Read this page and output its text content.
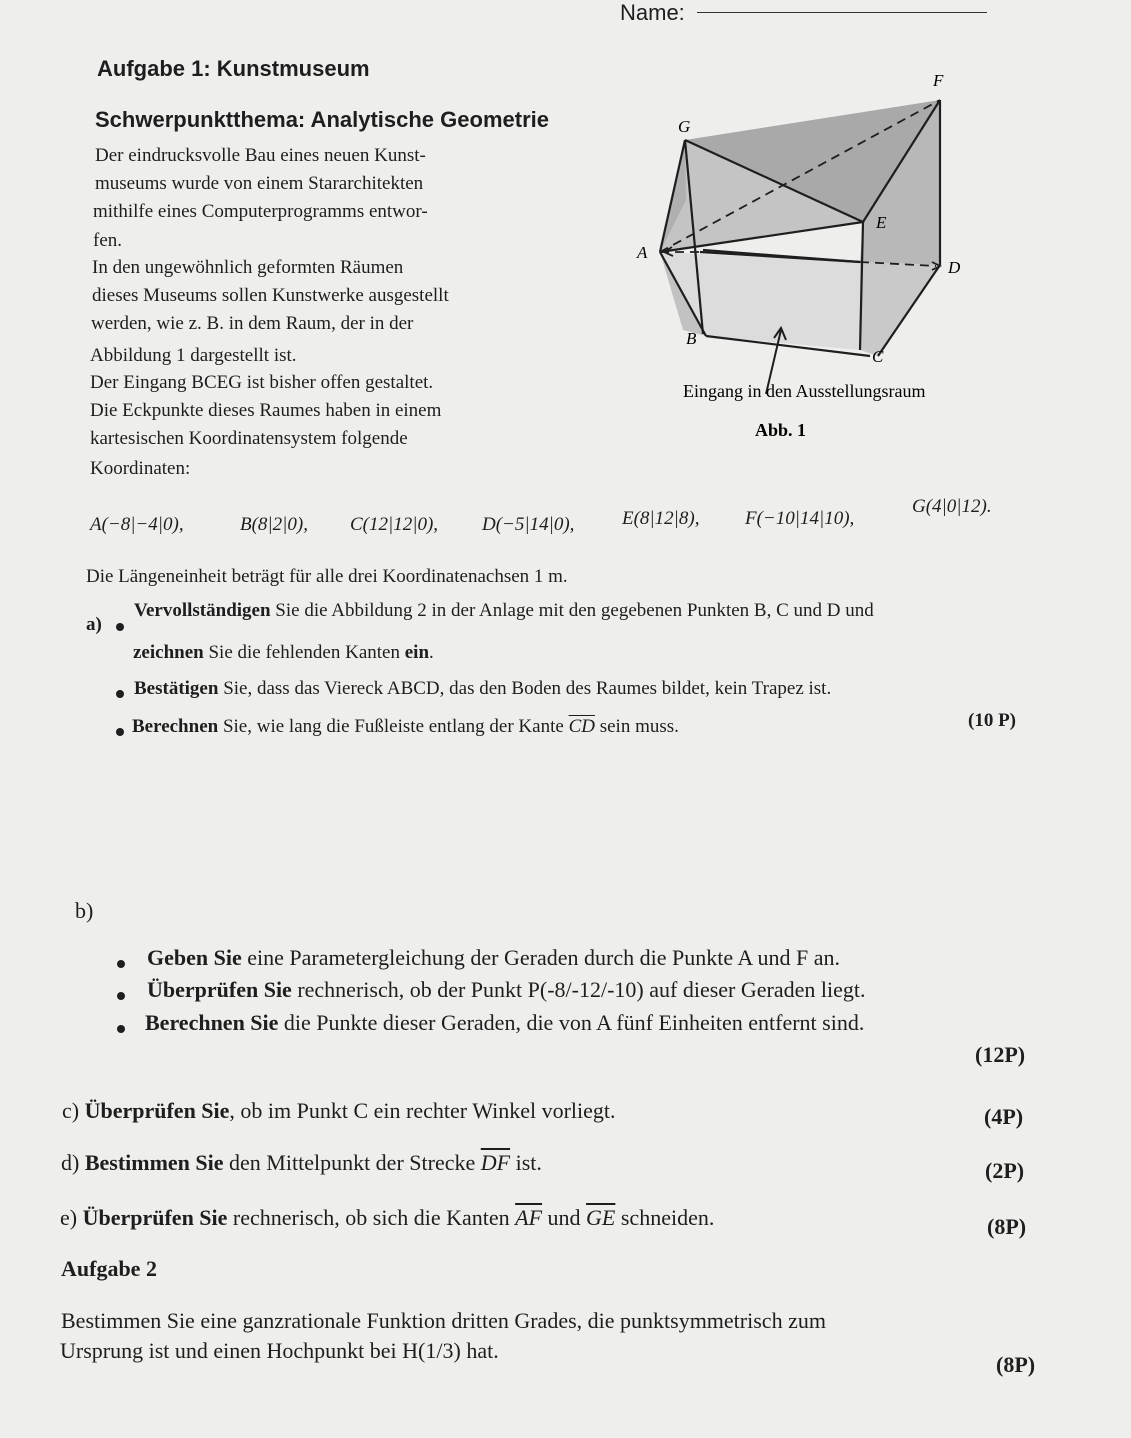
Name:
Aufgabe 1: Kunstmuseum
Schwerpunktthema: Analytische Geometrie
Der eindrucksvolle Bau eines neuen Kunst-
museums wurde von einem Stararchitekten
mithilfe eines Computerprogramms entwor-
fen.
In den ungewöhnlich geformten Räumen
dieses Museums sollen Kunstwerke ausgestellt
werden, wie z. B. in dem Raum, der in der
Abbildung 1 dargestellt ist.
Der Eingang BCEG ist bisher offen gestaltet.
Die Eckpunkte dieses Raumes haben in einem
kartesischen Koordinatensystem folgende
Koordinaten:
F
G
E
A
D
B
C
Eingang in den Ausstellungsraum
Abb. 1
A(−8|−4|0),	B(8|2|0), C(12|12|0), D(−5|14|0),	E(8|12|8), F(−10|14|10),
G(4|0|12).
Die Längeneinheit beträgt für alle drei Koordinatenachsen 1 m.
a)
Vervollständigen Sie die Abbildung 2 in der Anlage mit den gegebenen Punkten B, C und D und
zeichnen Sie die fehlenden Kanten ein.
Bestätigen Sie, dass das Viereck ABCD, das den Boden des Raumes bildet, kein Trapez ist.
Berechnen Sie, wie lang die Fußleiste entlang der Kante $\overline{CD}$ sein muss.	(10 P)
b)
Geben Sie eine Parametergleichung der Geraden durch die Punkte A und F an.
Überprüfen Sie rechnerisch, ob der Punkt P(-8/-12/-10) auf dieser Geraden liegt.
Berechnen Sie die Punkte dieser Geraden, die von A fünf Einheiten entfernt sind.
(12P)
c) Überprüfen Sie, ob im Punkt C ein rechter Winkel vorliegt.	(4P)
d) Bestimmen Sie den Mittelpunkt der Strecke $\overline{DF}$ ist.	(2P)
e) Überprüfen Sie rechnerisch, ob sich die Kanten $\overline{AF}$ und $\overline{GE}$ schneiden.	(8P)
Aufgabe 2
Bestimmen Sie eine ganzrationale Funktion dritten Grades, die punktsymmetrisch zum
Ursprung ist und einen Hochpunkt bei H(1/3) hat.
(8P)
